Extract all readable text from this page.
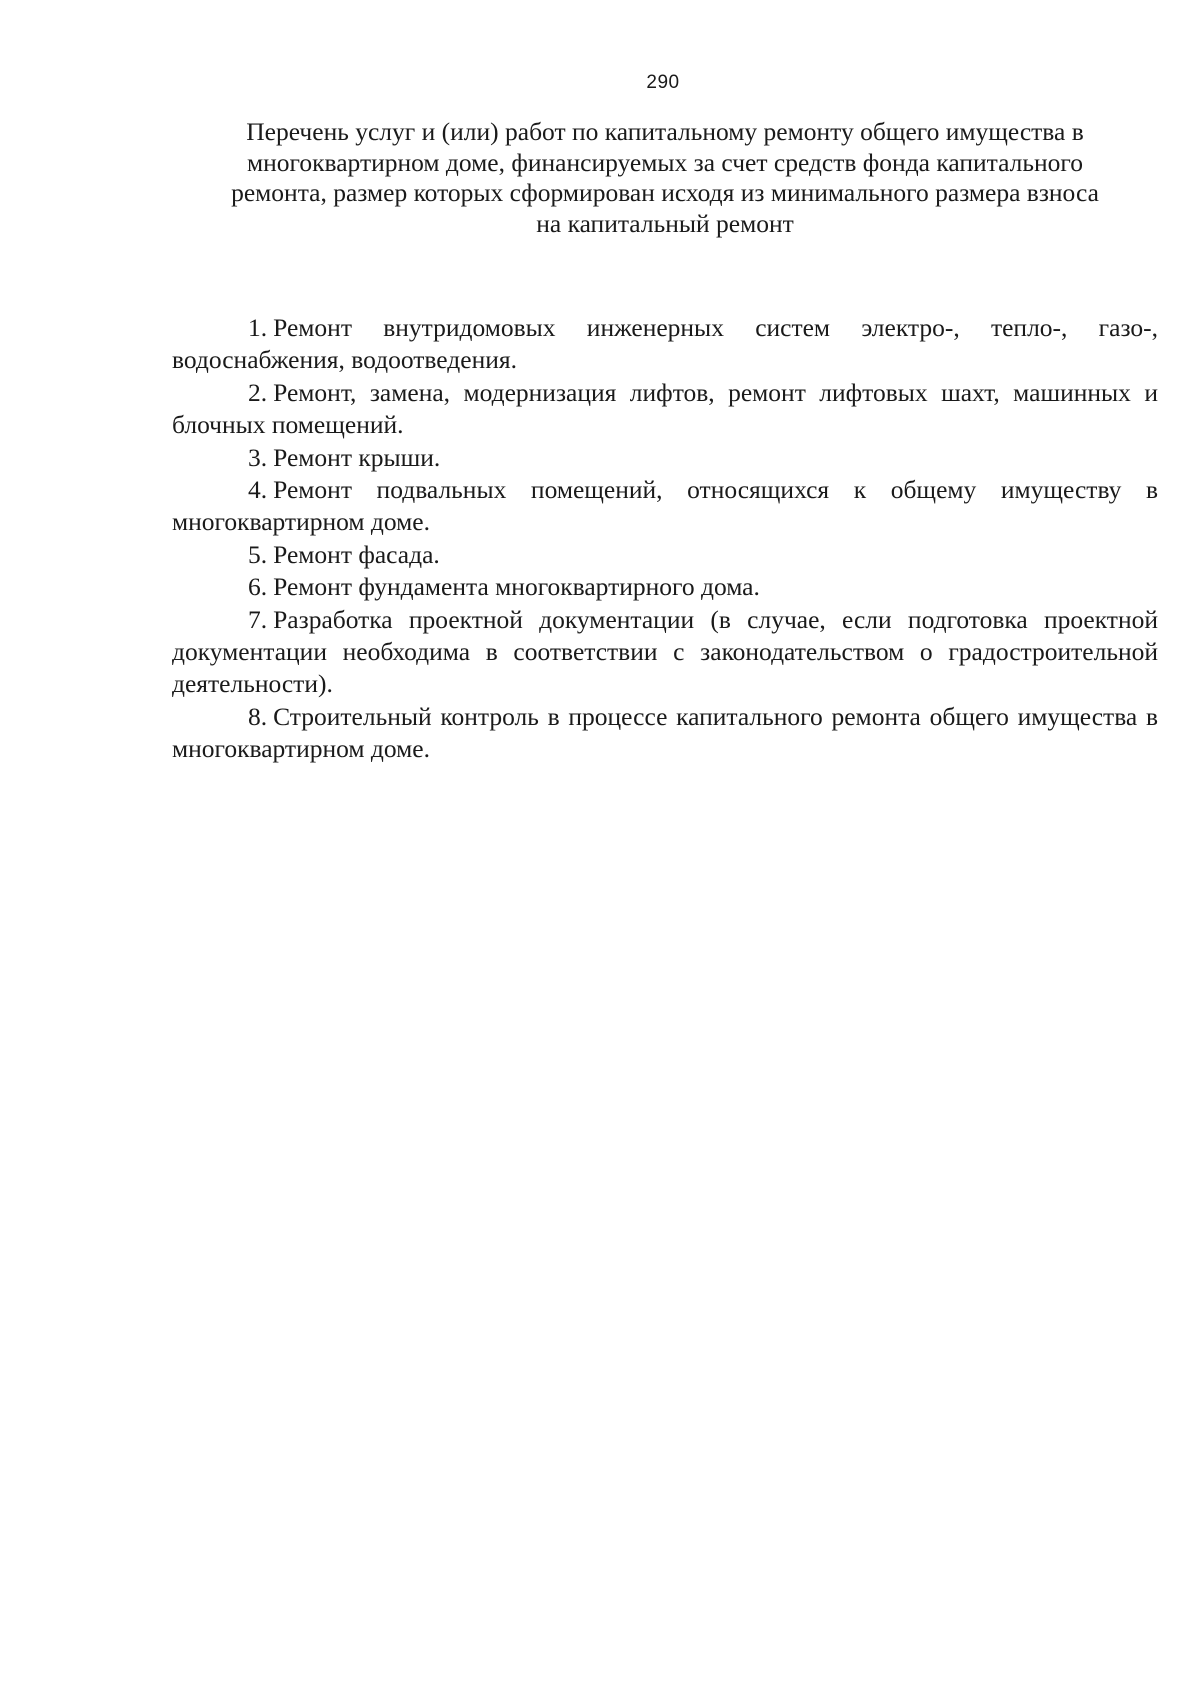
290
Перечень услуг и (или) работ по капитальному ремонту общего имущества в
многоквартирном доме, финансируемых за счет средств фонда капитального
ремонта, размер которых сформирован исходя из минимального размера взноса
на капитальный ремонт

1. Ремонт внутридомовых инженерных систем электро-, тепло-, газо-, водоснабжения, водоотведения.

2. Ремонт, замена, модернизация лифтов, ремонт лифтовых шахт, машинных и блочных помещений.

3. Ремонт крыши.

4. Ремонт подвальных помещений, относящихся к общему имуществу в многоквартирном доме.

5. Ремонт фасада.

6. Ремонт фундамента многоквартирного дома.

7. Разработка проектной документации (в случае, если подготовка проектной документации необходима в соответствии с законодательством о градостроительной деятельности).

8. Строительный контроль в процессе капитального ремонта общего имущества в многоквартирном доме.
